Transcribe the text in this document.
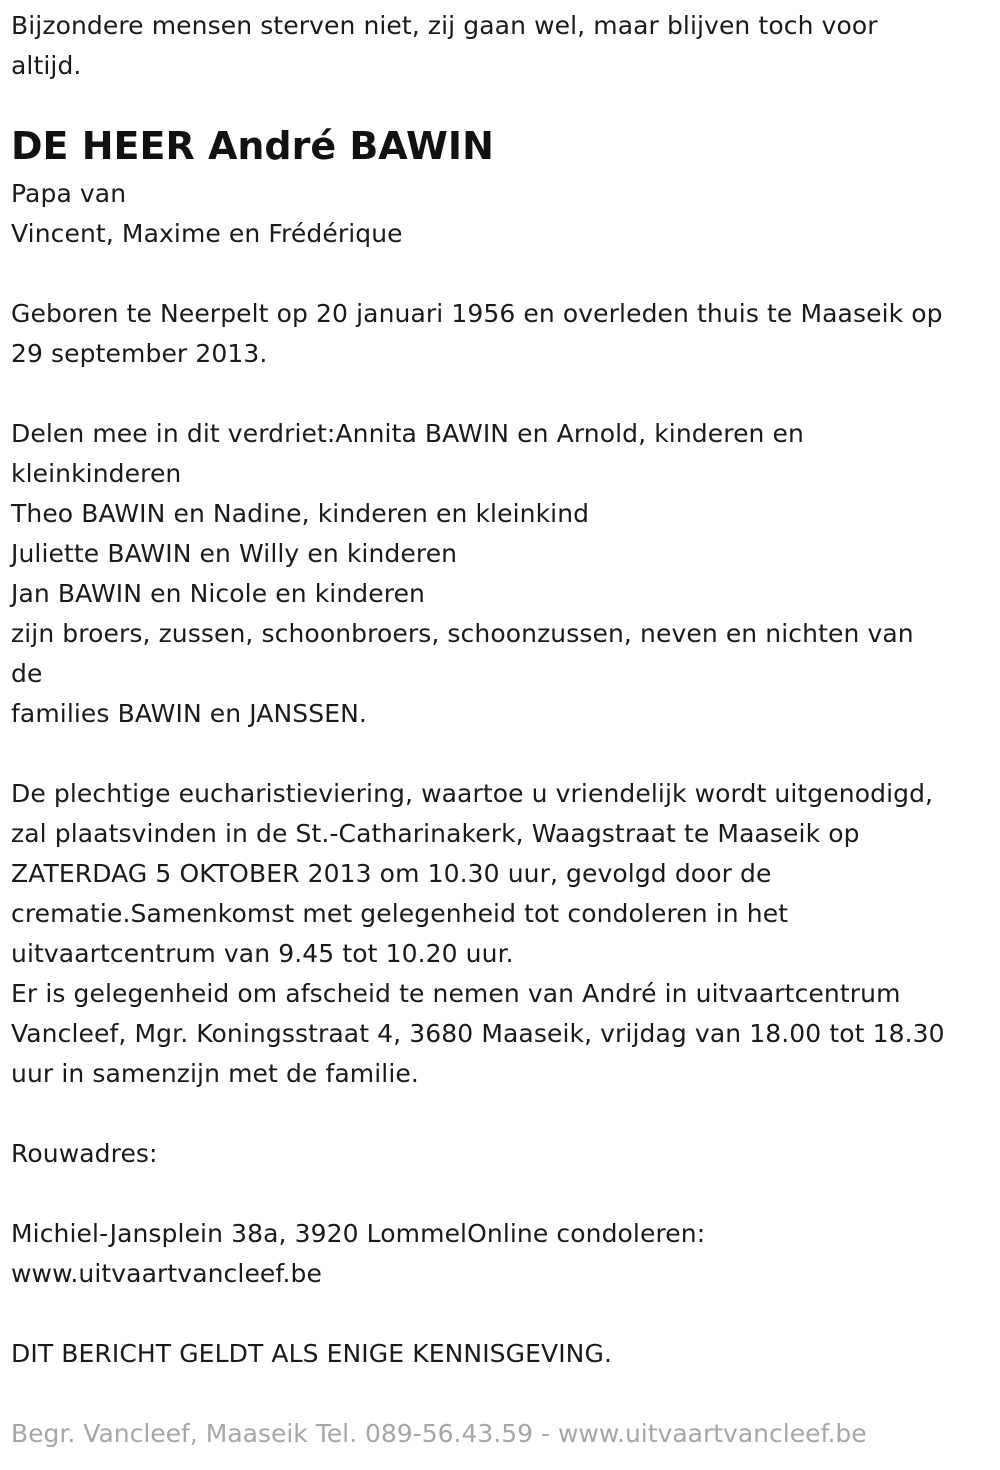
Bijzondere mensen sterven niet, zij gaan wel, maar blijven toch voor
altijd.
DE HEER André BAWIN
Papa van
Vincent, Maxime en Frédérique
Geboren te Neerpelt op 20 januari 1956 en overleden thuis te Maaseik op
29 september 2013.
Delen mee in dit verdriet:Annita BAWIN en Arnold, kinderen en
kleinkinderen
Theo BAWIN en Nadine, kinderen en kleinkind
Juliette BAWIN en Willy en kinderen
Jan BAWIN en Nicole en kinderen
zijn broers, zussen, schoonbroers, schoonzussen, neven en nichten van
de
families BAWIN en JANSSEN.
De plechtige eucharistieviering, waartoe u vriendelijk wordt uitgenodigd,
zal plaatsvinden in de St.-Catharinakerk, Waagstraat te Maaseik op
ZATERDAG 5 OKTOBER 2013 om 10.30 uur, gevolgd door de
crematie.Samenkomst met gelegenheid tot condoleren in het
uitvaartcentrum van 9.45 tot 10.20 uur.
Er is gelegenheid om afscheid te nemen van André in uitvaartcentrum
Vancleef, Mgr. Koningsstraat 4, 3680 Maaseik, vrijdag van 18.00 tot 18.30
uur in samenzijn met de familie.
Rouwadres:
Michiel-Jansplein 38a, 3920 LommelOnline condoleren:
www.uitvaartvancleef.be
DIT BERICHT GELDT ALS ENIGE KENNISGEVING.
Begr. Vancleef, Maaseik Tel. 089-56.43.59 - www.uitvaartvancleef.be
